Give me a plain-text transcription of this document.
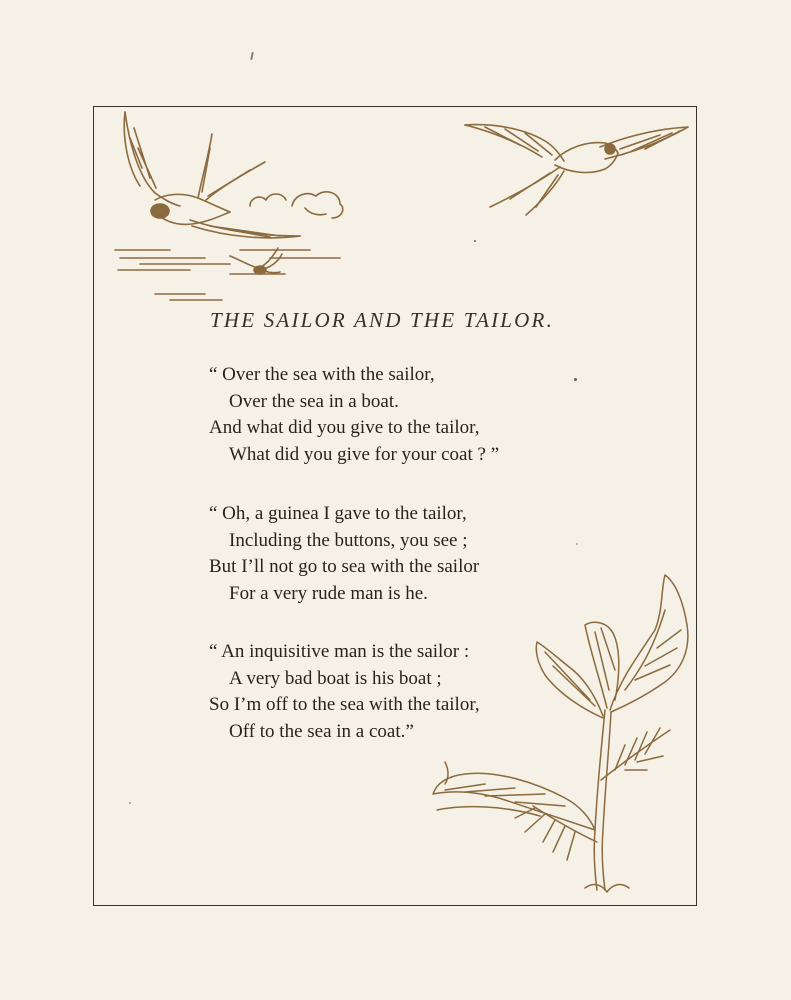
THE SAILOR AND THE TAILOR.
“ Over the sea with the sailor,
Over the sea in a boat.
And what did you give to the tailor,
What did you give for your coat ? ”
“ Oh, a guinea I gave to the tailor,
Including the buttons, you see ;
But I’ll not go to sea with the sailor
For a very rude man is he.
“ An inquisitive man is the sailor :
A very bad boat is his boat ;
So I’m off to the sea with the tailor,
Off to the sea in a coat.”
